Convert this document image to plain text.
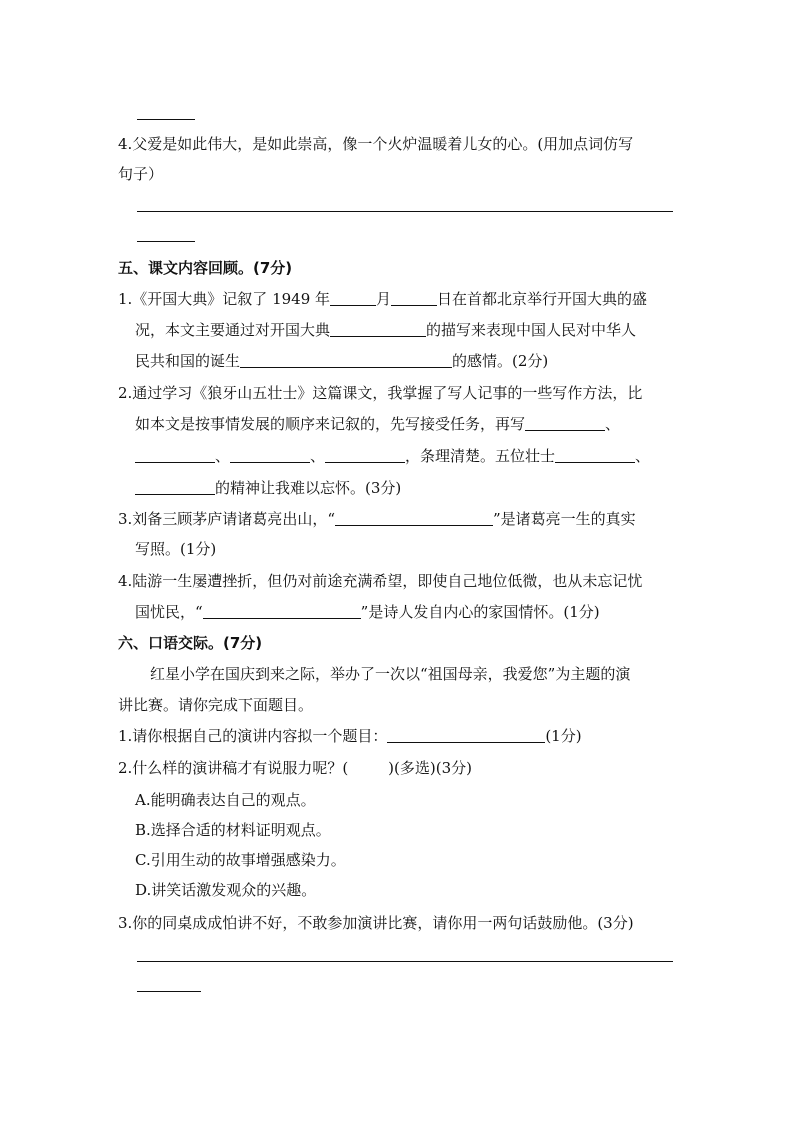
4.父爱是如此伟大，是如此崇高，像一个火炉温暖着儿女的心。(用加点词仿写
句子）
五、课文内容回顾。(7分)
1.《开国大典》记叙了 1949 年	月	日在首都北京举行开国大典的盛
况，本文主要通过对开国大典	的描写来表现中国人民对中华人
民共和国的诞生	的感情。(2分)
2.通过学习《狼牙山五壮士》这篇课文，我掌握了写人记事的一些写作方法，比
如本文是按事情发展的顺序来记叙的，先写接受任务，再写	、
、	、	，条理清楚。五位壮士	、
的精神让我难以忘怀。(3分)
3.刘备三顾茅庐请诸葛亮出山，“	”是诸葛亮一生的真实
写照。(1分)
4.陆游一生屡遭挫折，但仍对前途充满希望，即使自己地位低微，也从未忘记忧
国忧民，“	”是诗人发自内心的家国情怀。(1分)
六、口语交际。(7分)
红星小学在国庆到来之际，举办了一次以“祖国母亲，我爱您”为主题的演
讲比赛。请你完成下面题目。
1.请你根据自己的演讲内容拟一个题目：	(1分)
2.什么样的演讲稿才有说服力呢？(	)(多选)(3分)
A.能明确表达自己的观点。
B.选择合适的材料证明观点。
C.引用生动的故事增强感染力。
D.讲笑话激发观众的兴趣。
3.你的同桌成成怕讲不好，不敢参加演讲比赛，请你用一两句话鼓励他。(3分)
